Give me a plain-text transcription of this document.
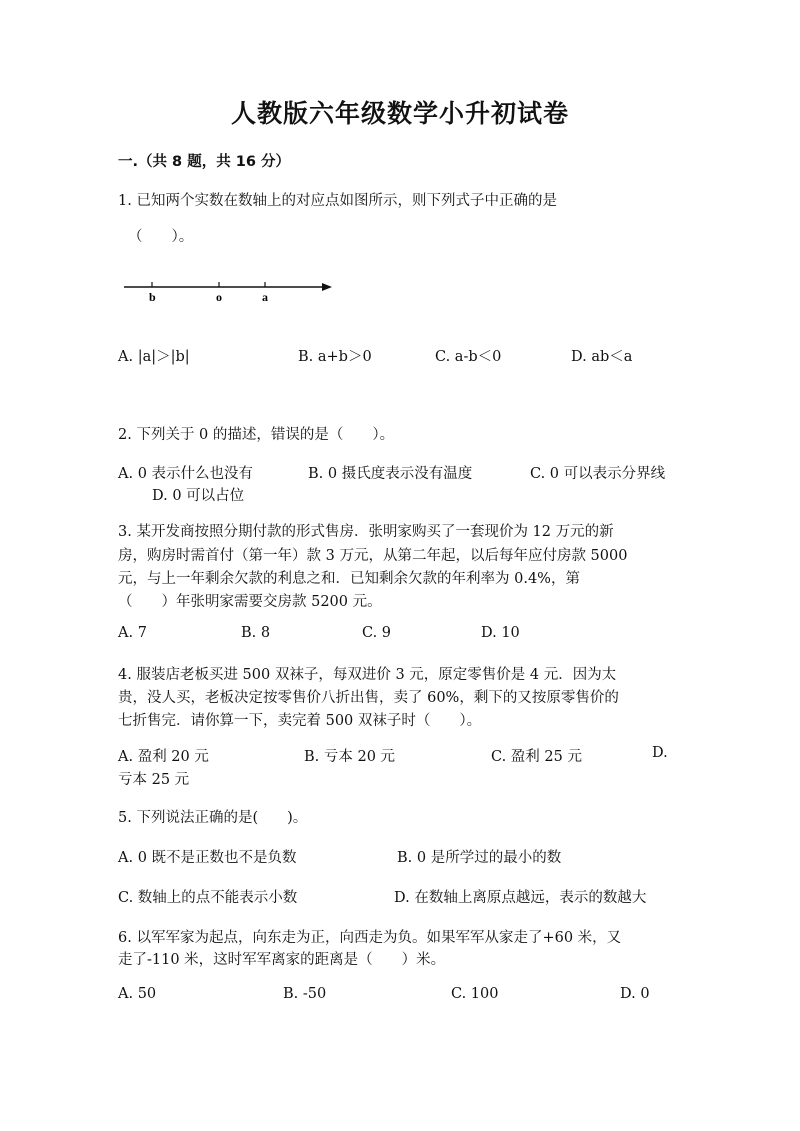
人教版六年级数学小升初试卷
一.（共 8 题，共 16 分）
1. 已知两个实数在数轴上的对应点如图所示，则下列式子中正确的是
（　　）。
b	o	a
A. |a|＞|b|	B. a+b＞0	C. a-b＜0	D. ab＜a
2. 下列关于 0 的描述，错误的是（　　）。
A. 0 表示什么也没有	B. 0 摄氏度表示没有温度	C. 0 可以表示分界线
D. 0 可以占位
3. 某开发商按照分期付款的形式售房．张明家购买了一套现价为 12 万元的新
房，购房时需首付（第一年）款 3 万元，从第二年起，以后每年应付房款 5000
元，与上一年剩余欠款的利息之和．已知剩余欠款的年利率为 0.4%，第
（　　）年张明家需要交房款 5200 元。
A. 7	B. 8	C. 9	D. 10
4. 服装店老板买进 500 双袜子，每双进价 3 元，原定零售价是 4 元．因为太
贵，没人买，老板决定按零售价八折出售，卖了 60%，剩下的又按原零售价的
七折售完．请你算一下，卖完着 500 双袜子时（　　）。
A. 盈利 20 元	B. 亏本 20 元	C. 盈利 25 元	D.
亏本 25 元
5. 下列说法正确的是(　　)。
A. 0 既不是正数也不是负数	B. 0 是所学过的最小的数
C. 数轴上的点不能表示小数	D. 在数轴上离原点越远，表示的数越大
6. 以军军家为起点，向东走为正，向西走为负。如果军军从家走了+60 米，又
走了-110 米，这时军军离家的距离是（　　）米。
A. 50	B. -50	C. 100	D. 0
